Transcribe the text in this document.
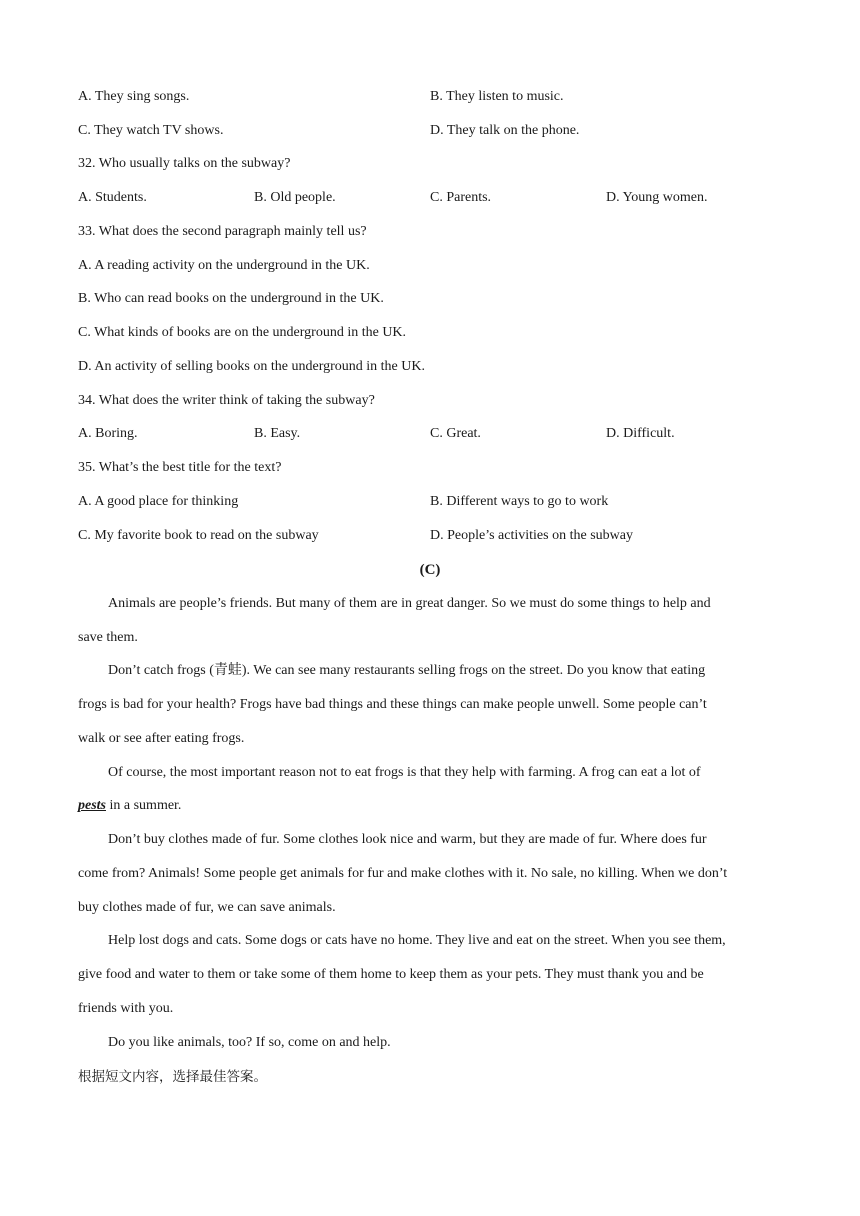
A. They sing songs.	B. They listen to music.
C. They watch TV shows.	D. They talk on the phone.
32. Who usually talks on the subway?
A. Students.	B. Old people.	C. Parents.	D. Young women.
33. What does the second paragraph mainly tell us?
A. A reading activity on the underground in the UK.
B. Who can read books on the underground in the UK.
C. What kinds of books are on the underground in the UK.
D. An activity of selling books on the underground in the UK.
34. What does the writer think of taking the subway?
A. Boring.	B. Easy.	C. Great.	D. Difficult.
35. What’s the best title for the text?
A. A good place for thinking	B. Different ways to go to work
C. My favorite book to read on the subway	D. People’s activities on the subway
(C)
Animals are people’s friends. But many of them are in great danger. So we must do some things to help and
save them.
Don’t catch frogs (青蛙). We can see many restaurants selling frogs on the street. Do you know that eating
frogs is bad for your health? Frogs have bad things and these things can make people unwell. Some people can’t
walk or see after eating frogs.
Of course, the most important reason not to eat frogs is that they help with farming. A frog can eat a lot of
pests in a summer.
Don’t buy clothes made of fur. Some clothes look nice and warm, but they are made of fur. Where does fur
come from? Animals! Some people get animals for fur and make clothes with it. No sale, no killing. When we don’t
buy clothes made of fur, we can save animals.
Help lost dogs and cats. Some dogs or cats have no home. They live and eat on the street. When you see them,
give food and water to them or take some of them home to keep them as your pets. They must thank you and be
friends with you.
Do you like animals, too? If so, come on and help.
根据短文内容，选择最佳答案。
